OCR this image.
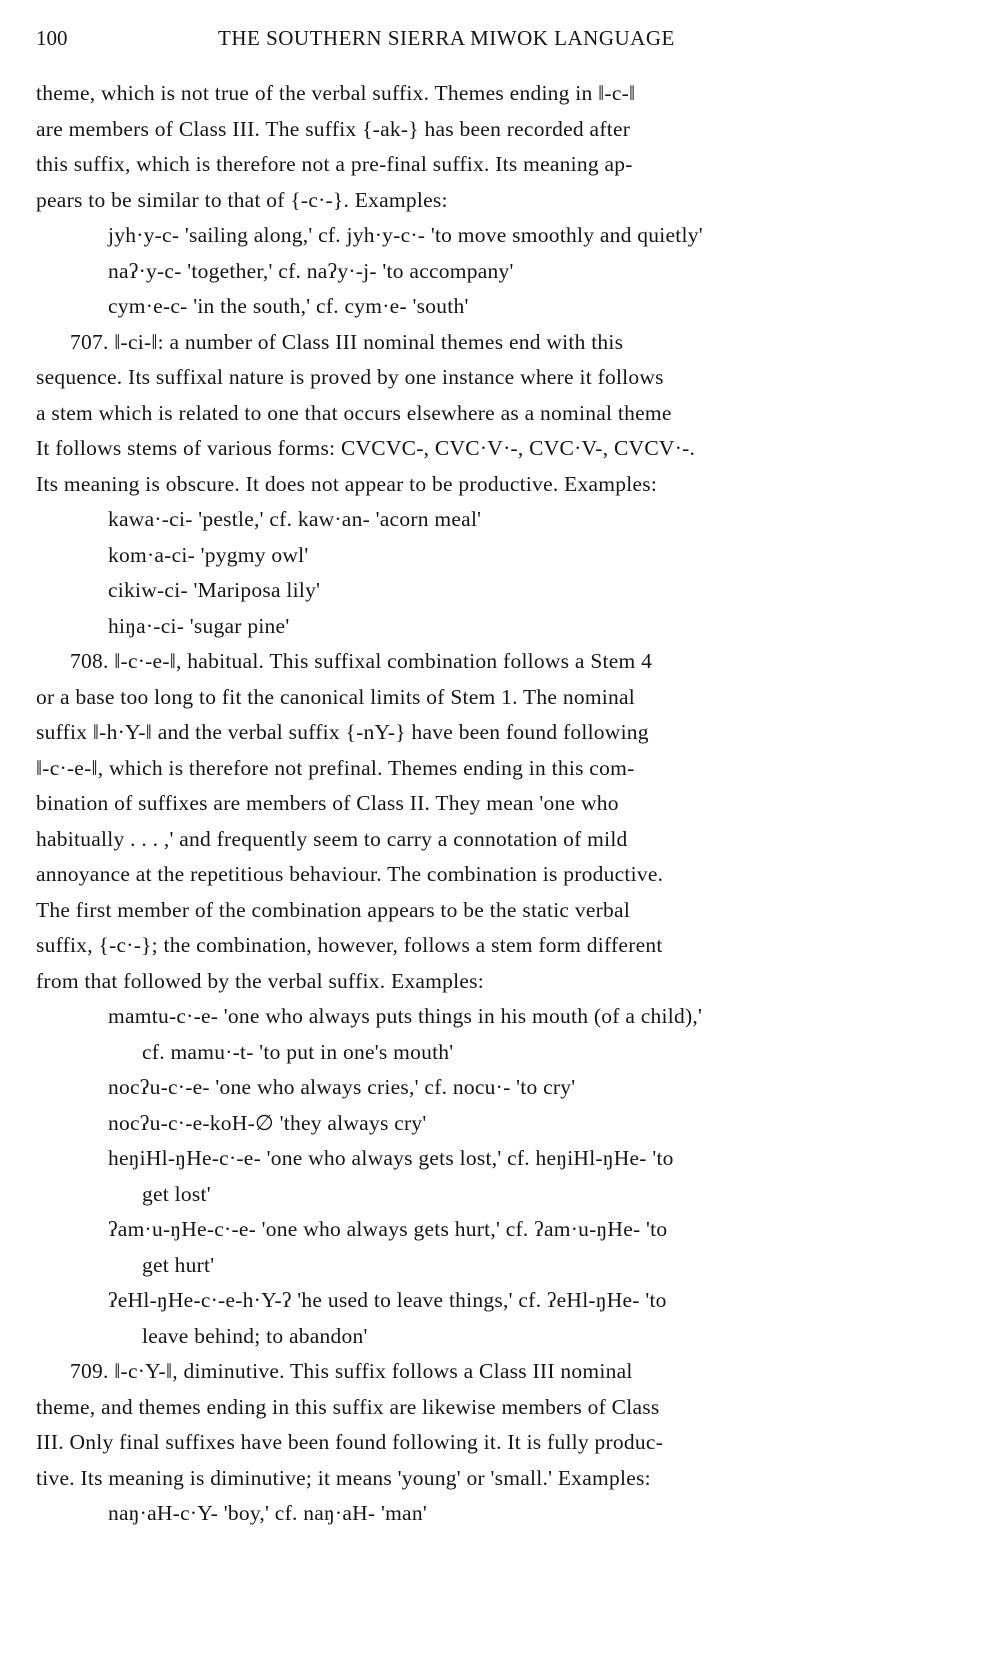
100	THE SOUTHERN SIERRA MIWOK LANGUAGE
theme, which is not true of the verbal suffix. Themes ending in ‖-c-‖
are members of Class III. The suffix {-ak-} has been recorded after
this suffix, which is therefore not a pre-final suffix. Its meaning ap-
pears to be similar to that of {-c·-}. Examples:
jyh·y-c- 'sailing along,' cf. jyh·y-c·- 'to move smoothly and quietly'
naʔ·y-c- 'together,' cf. naʔy·-j- 'to accompany'
cym·e-c- 'in the south,' cf. cym·e- 'south'
707. ‖-ci-‖: a number of Class III nominal themes end with this
sequence. Its suffixal nature is proved by one instance where it follows
a stem which is related to one that occurs elsewhere as a nominal theme
It follows stems of various forms: CVCVC-, CVC·V·-, CVC·V-, CVCV·-.
Its meaning is obscure. It does not appear to be productive. Examples:
kawa·-ci- 'pestle,' cf. kaw·an- 'acorn meal'
kom·a-ci- 'pygmy owl'
cikiw-ci- 'Mariposa lily'
hiŋa·-ci- 'sugar pine'
708. ‖-c·-e-‖, habitual. This suffixal combination follows a Stem 4
or a base too long to fit the canonical limits of Stem 1. The nominal
suffix ‖-h·Y-‖ and the verbal suffix {-nY-} have been found following
‖-c·-e-‖, which is therefore not prefinal. Themes ending in this com-
bination of suffixes are members of Class II. They mean 'one who
habitually . . . ,' and frequently seem to carry a connotation of mild
annoyance at the repetitious behaviour. The combination is productive.
The first member of the combination appears to be the static verbal
suffix, {-c·-}; the combination, however, follows a stem form different
from that followed by the verbal suffix. Examples:
mamtu-c·-e- 'one who always puts things in his mouth (of a child),'
cf. mamu·-t- 'to put in one's mouth'
nocʔu-c·-e- 'one who always cries,' cf. nocu·- 'to cry'
nocʔu-c·-e-koH-∅ 'they always cry'
heŋiHl-ŋHe-c·-e- 'one who always gets lost,' cf. heŋiHl-ŋHe- 'to
get lost'
ʔam·u-ŋHe-c·-e- 'one who always gets hurt,' cf. ʔam·u-ŋHe- 'to
get hurt'
ʔeHl-ŋHe-c·-e-h·Y-ʔ 'he used to leave things,' cf. ʔeHl-ŋHe- 'to
leave behind; to abandon'
709. ‖-c·Y-‖, diminutive. This suffix follows a Class III nominal
theme, and themes ending in this suffix are likewise members of Class
III. Only final suffixes have been found following it. It is fully produc-
tive. Its meaning is diminutive; it means 'young' or 'small.' Examples:
naŋ·aH-c·Y- 'boy,' cf. naŋ·aH- 'man'
